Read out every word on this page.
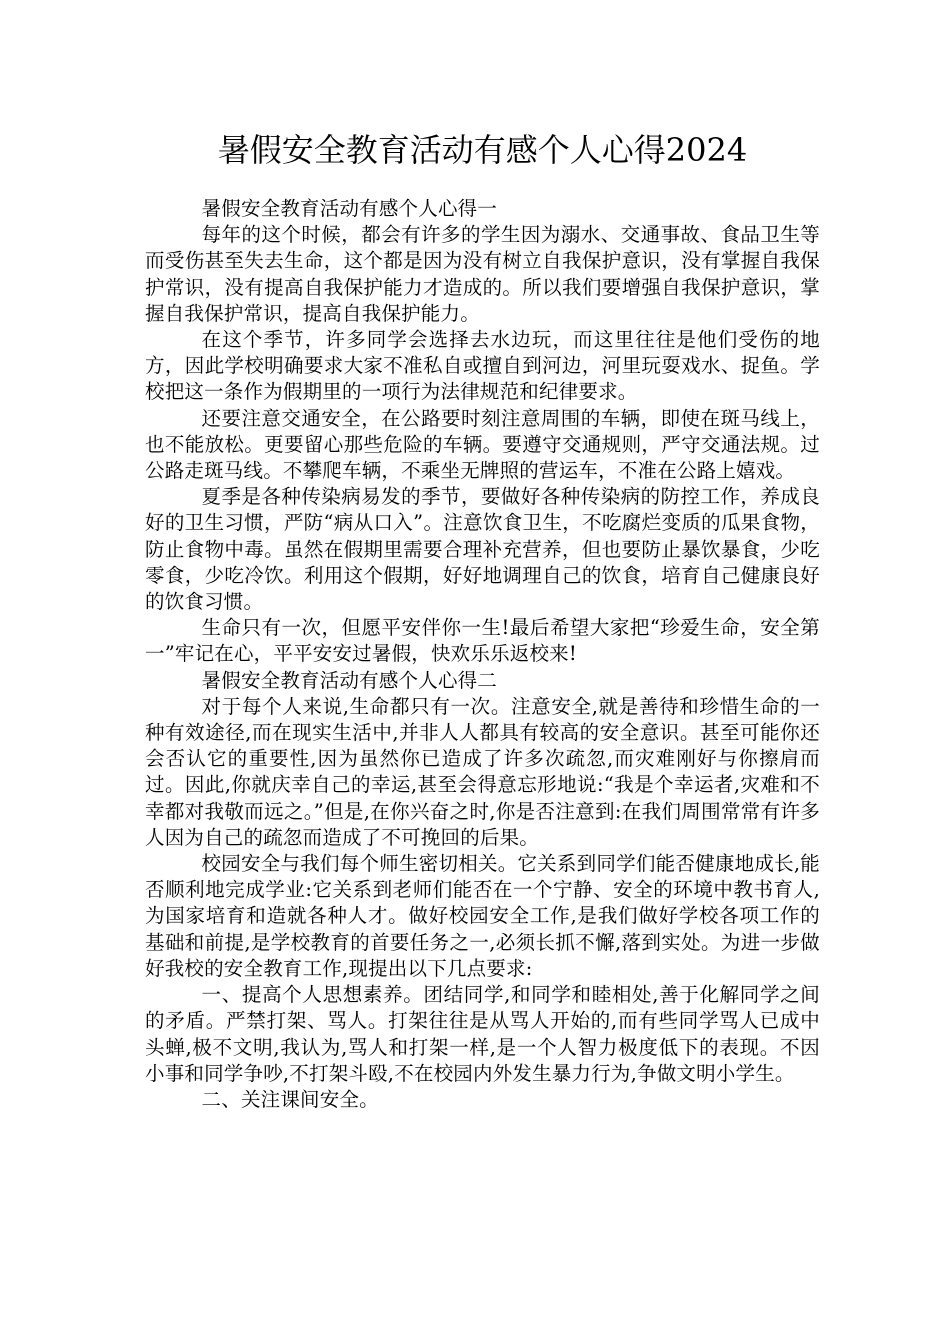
暑假安全教育活动有感个人心得2024

暑假安全教育活动有感个人心得一

每年的这个时候，都会有许多的学生因为溺水、交通事故、食品卫生等而受伤甚至失去生命，这个都是因为没有树立自我保护意识，没有掌握自我保护常识，没有提高自我保护能力才造成的。所以我们要增强自我保护意识，掌握自我保护常识，提高自我保护能力。

在这个季节，许多同学会选择去水边玩，而这里往往是他们受伤的地方，因此学校明确要求大家不准私自或擅自到河边，河里玩耍戏水、捉鱼。学校把这一条作为假期里的一项行为法律规范和纪律要求。

还要注意交通安全，在公路要时刻注意周围的车辆，即使在斑马线上，也不能放松。更要留心那些危险的车辆。要遵守交通规则，严守交通法规。过公路走斑马线。不攀爬车辆，不乘坐无牌照的营运车，不准在公路上嬉戏。

夏季是各种传染病易发的季节，要做好各种传染病的防控工作，养成良好的卫生习惯，严防“病从口入”。注意饮食卫生，不吃腐烂变质的瓜果食物，防止食物中毒。虽然在假期里需要合理补充营养，但也要防止暴饮暴食，少吃零食，少吃冷饮。利用这个假期，好好地调理自己的饮食，培育自己健康良好的饮食习惯。

生命只有一次，但愿平安伴你一生!最后希望大家把“珍爱生命，安全第一”牢记在心，平平安安过暑假，快欢乐乐返校来!

暑假安全教育活动有感个人心得二

对于每个人来说,生命都只有一次。注意安全,就是善待和珍惜生命的一种有效途径,而在现实生活中,并非人人都具有较高的安全意识。甚至可能你还会否认它的重要性,因为虽然你已造成了许多次疏忽,而灾难刚好与你擦肩而过。因此,你就庆幸自己的幸运,甚至会得意忘形地说:“我是个幸运者,灾难和不幸都对我敬而远之。”但是,在你兴奋之时,你是否注意到:在我们周围常常有许多人因为自己的疏忽而造成了不可挽回的后果。

校园安全与我们每个师生密切相关。它关系到同学们能否健康地成长,能否顺利地完成学业:它关系到老师们能否在一个宁静、安全的环境中教书育人,为国家培育和造就各种人才。做好校园安全工作,是我们做好学校各项工作的基础和前提,是学校教育的首要任务之一,必须长抓不懈,落到实处。为进一步做好我校的安全教育工作,现提出以下几点要求:

一、提高个人思想素养。团结同学,和同学和睦相处,善于化解同学之间的矛盾。严禁打架、骂人。打架往往是从骂人开始的,而有些同学骂人已成中头蝉,极不文明,我认为,骂人和打架一样,是一个人智力极度低下的表现。不因小事和同学争吵,不打架斗殴,不在校园内外发生暴力行为,争做文明小学生。

二、关注课间安全。
